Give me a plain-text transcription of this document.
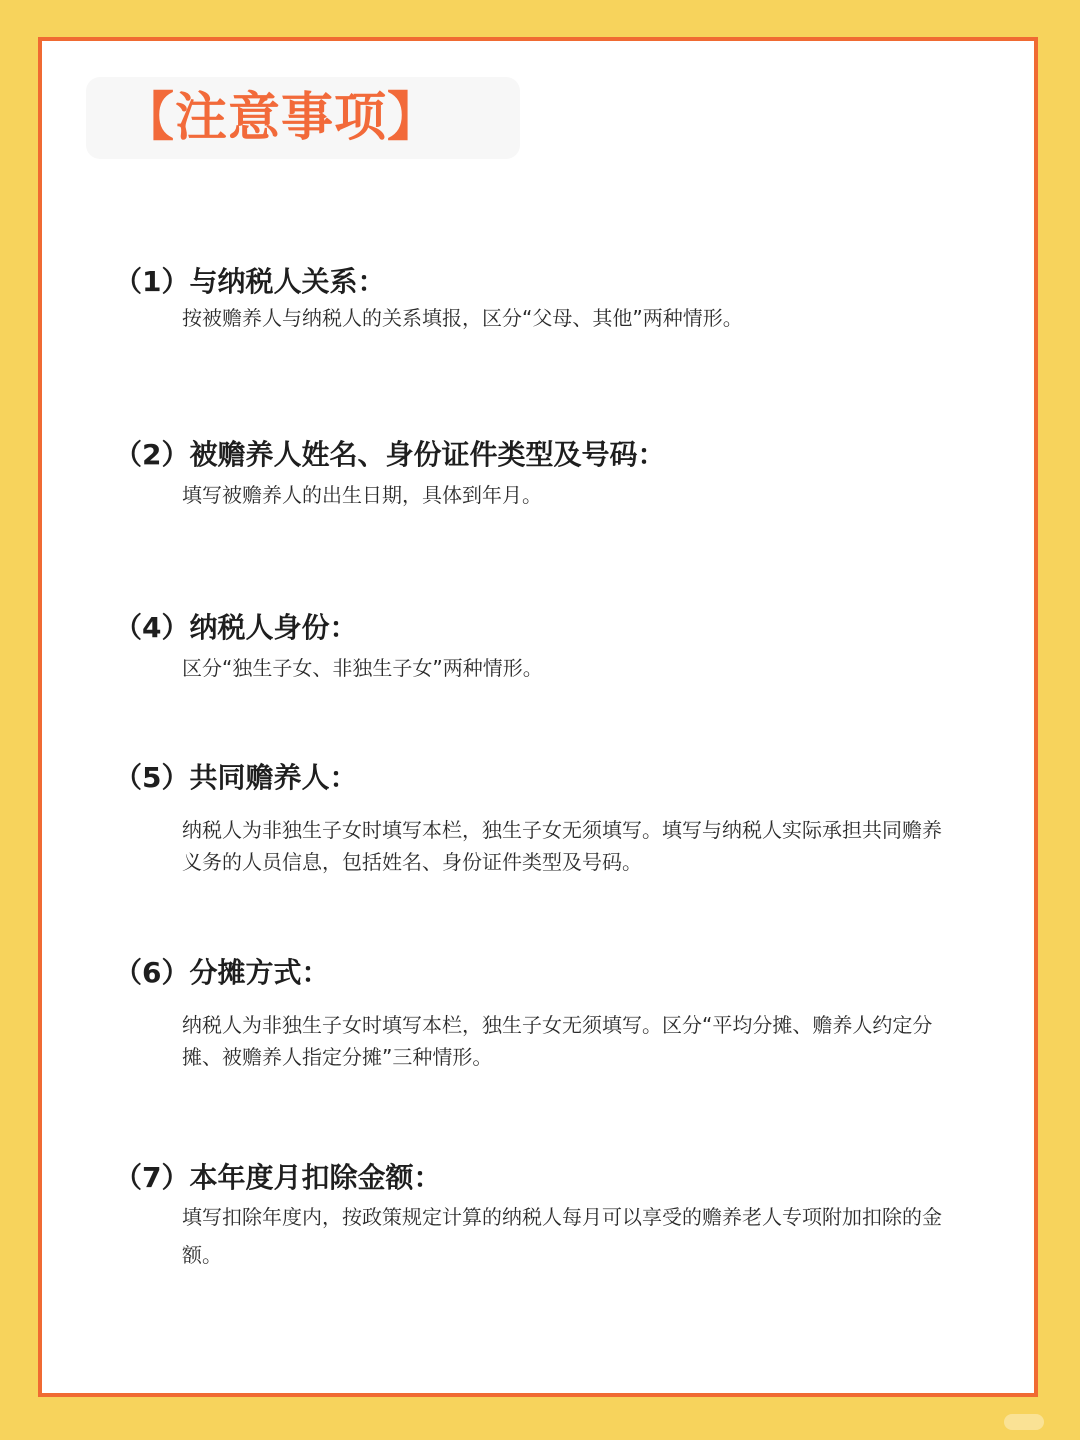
【注意事项】
（1）与纳税人关系：
按被赡养人与纳税人的关系填报，区分“父母、其他”两种情形。
（2）被赡养人姓名、身份证件类型及号码：
填写被赡养人的出生日期，具体到年月。
（4）纳税人身份：
区分“独生子女、非独生子女”两种情形。
（5）共同赡养人：
纳税人为非独生子女时填写本栏，独生子女无须填写。填写与纳税人实际承担共同赡养义务的人员信息，包括姓名、身份证件类型及号码。
（6）分摊方式：
纳税人为非独生子女时填写本栏，独生子女无须填写。区分“平均分摊、赡养人约定分摊、被赡养人指定分摊”三种情形。
（7）本年度月扣除金额：
填写扣除年度内，按政策规定计算的纳税人每月可以享受的赡养老人专项附加扣除的金额。
